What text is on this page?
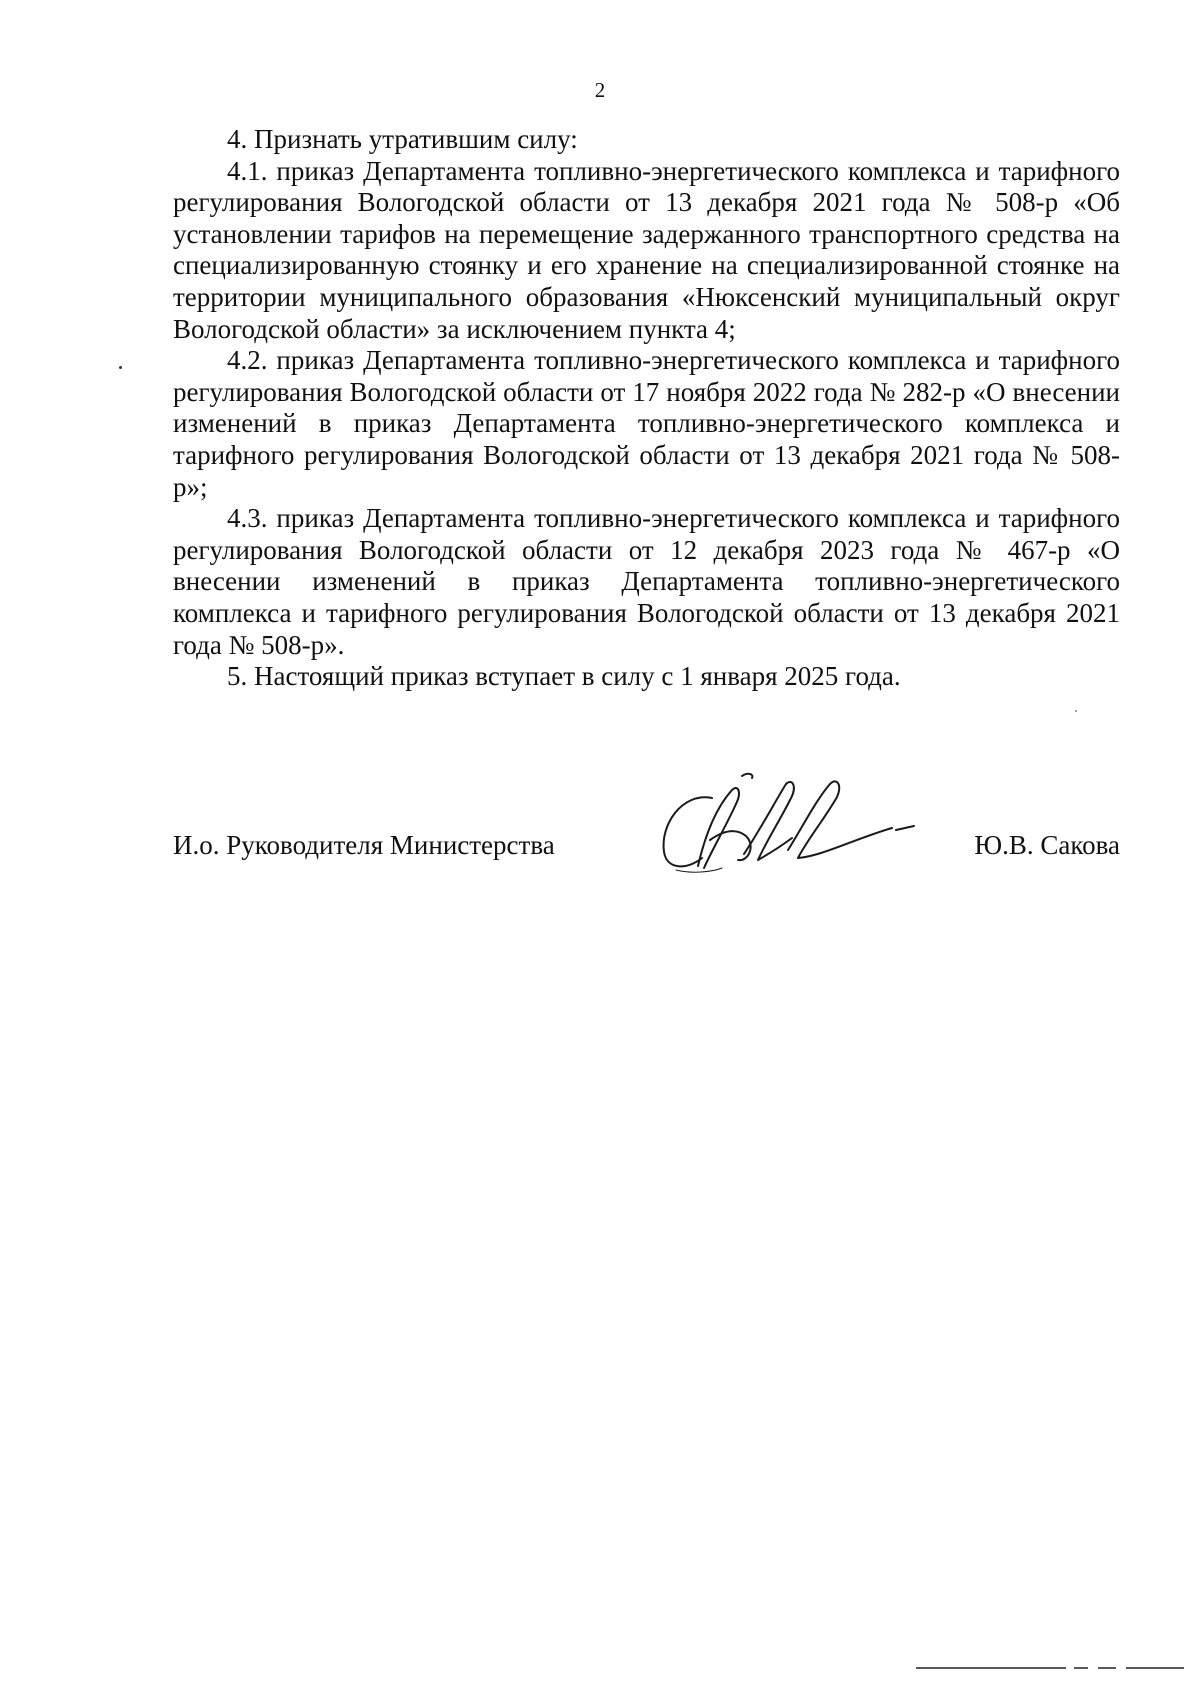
2

4. Признать утратившим силу:

4.1. приказ Департамента топливно-энергетического комплекса и тарифного регулирования Вологодской области от 13 декабря 2021 года № 508-р «Об установлении тарифов на перемещение задержанного транспортного средства на специализированную стоянку и его хранение на специализированной стоянке на территории муниципального образования «Нюксенский муниципальный округ Вологодской области» за исключением пункта 4;

4.2. приказ Департамента топливно-энергетического комплекса и тарифного регулирования Вологодской области от 17 ноября 2022 года № 282-р «О внесении изменений в приказ Департамента топливно-энергетического комплекса и тарифного регулирования Вологодской области от 13 декабря 2021 года № 508-р»;

4.3. приказ Департамента топливно-энергетического комплекса и тарифного регулирования Вологодской области от 12 декабря 2023 года № 467-р «О внесении изменений в приказ Департамента топливно-энергетического комплекса и тарифного регулирования Вологодской области от 13 декабря 2021 года № 508-р».

5. Настоящий приказ вступает в силу с 1 января 2025 года.

И.о. Руководителя Министерства	Ю.В. Сакова
